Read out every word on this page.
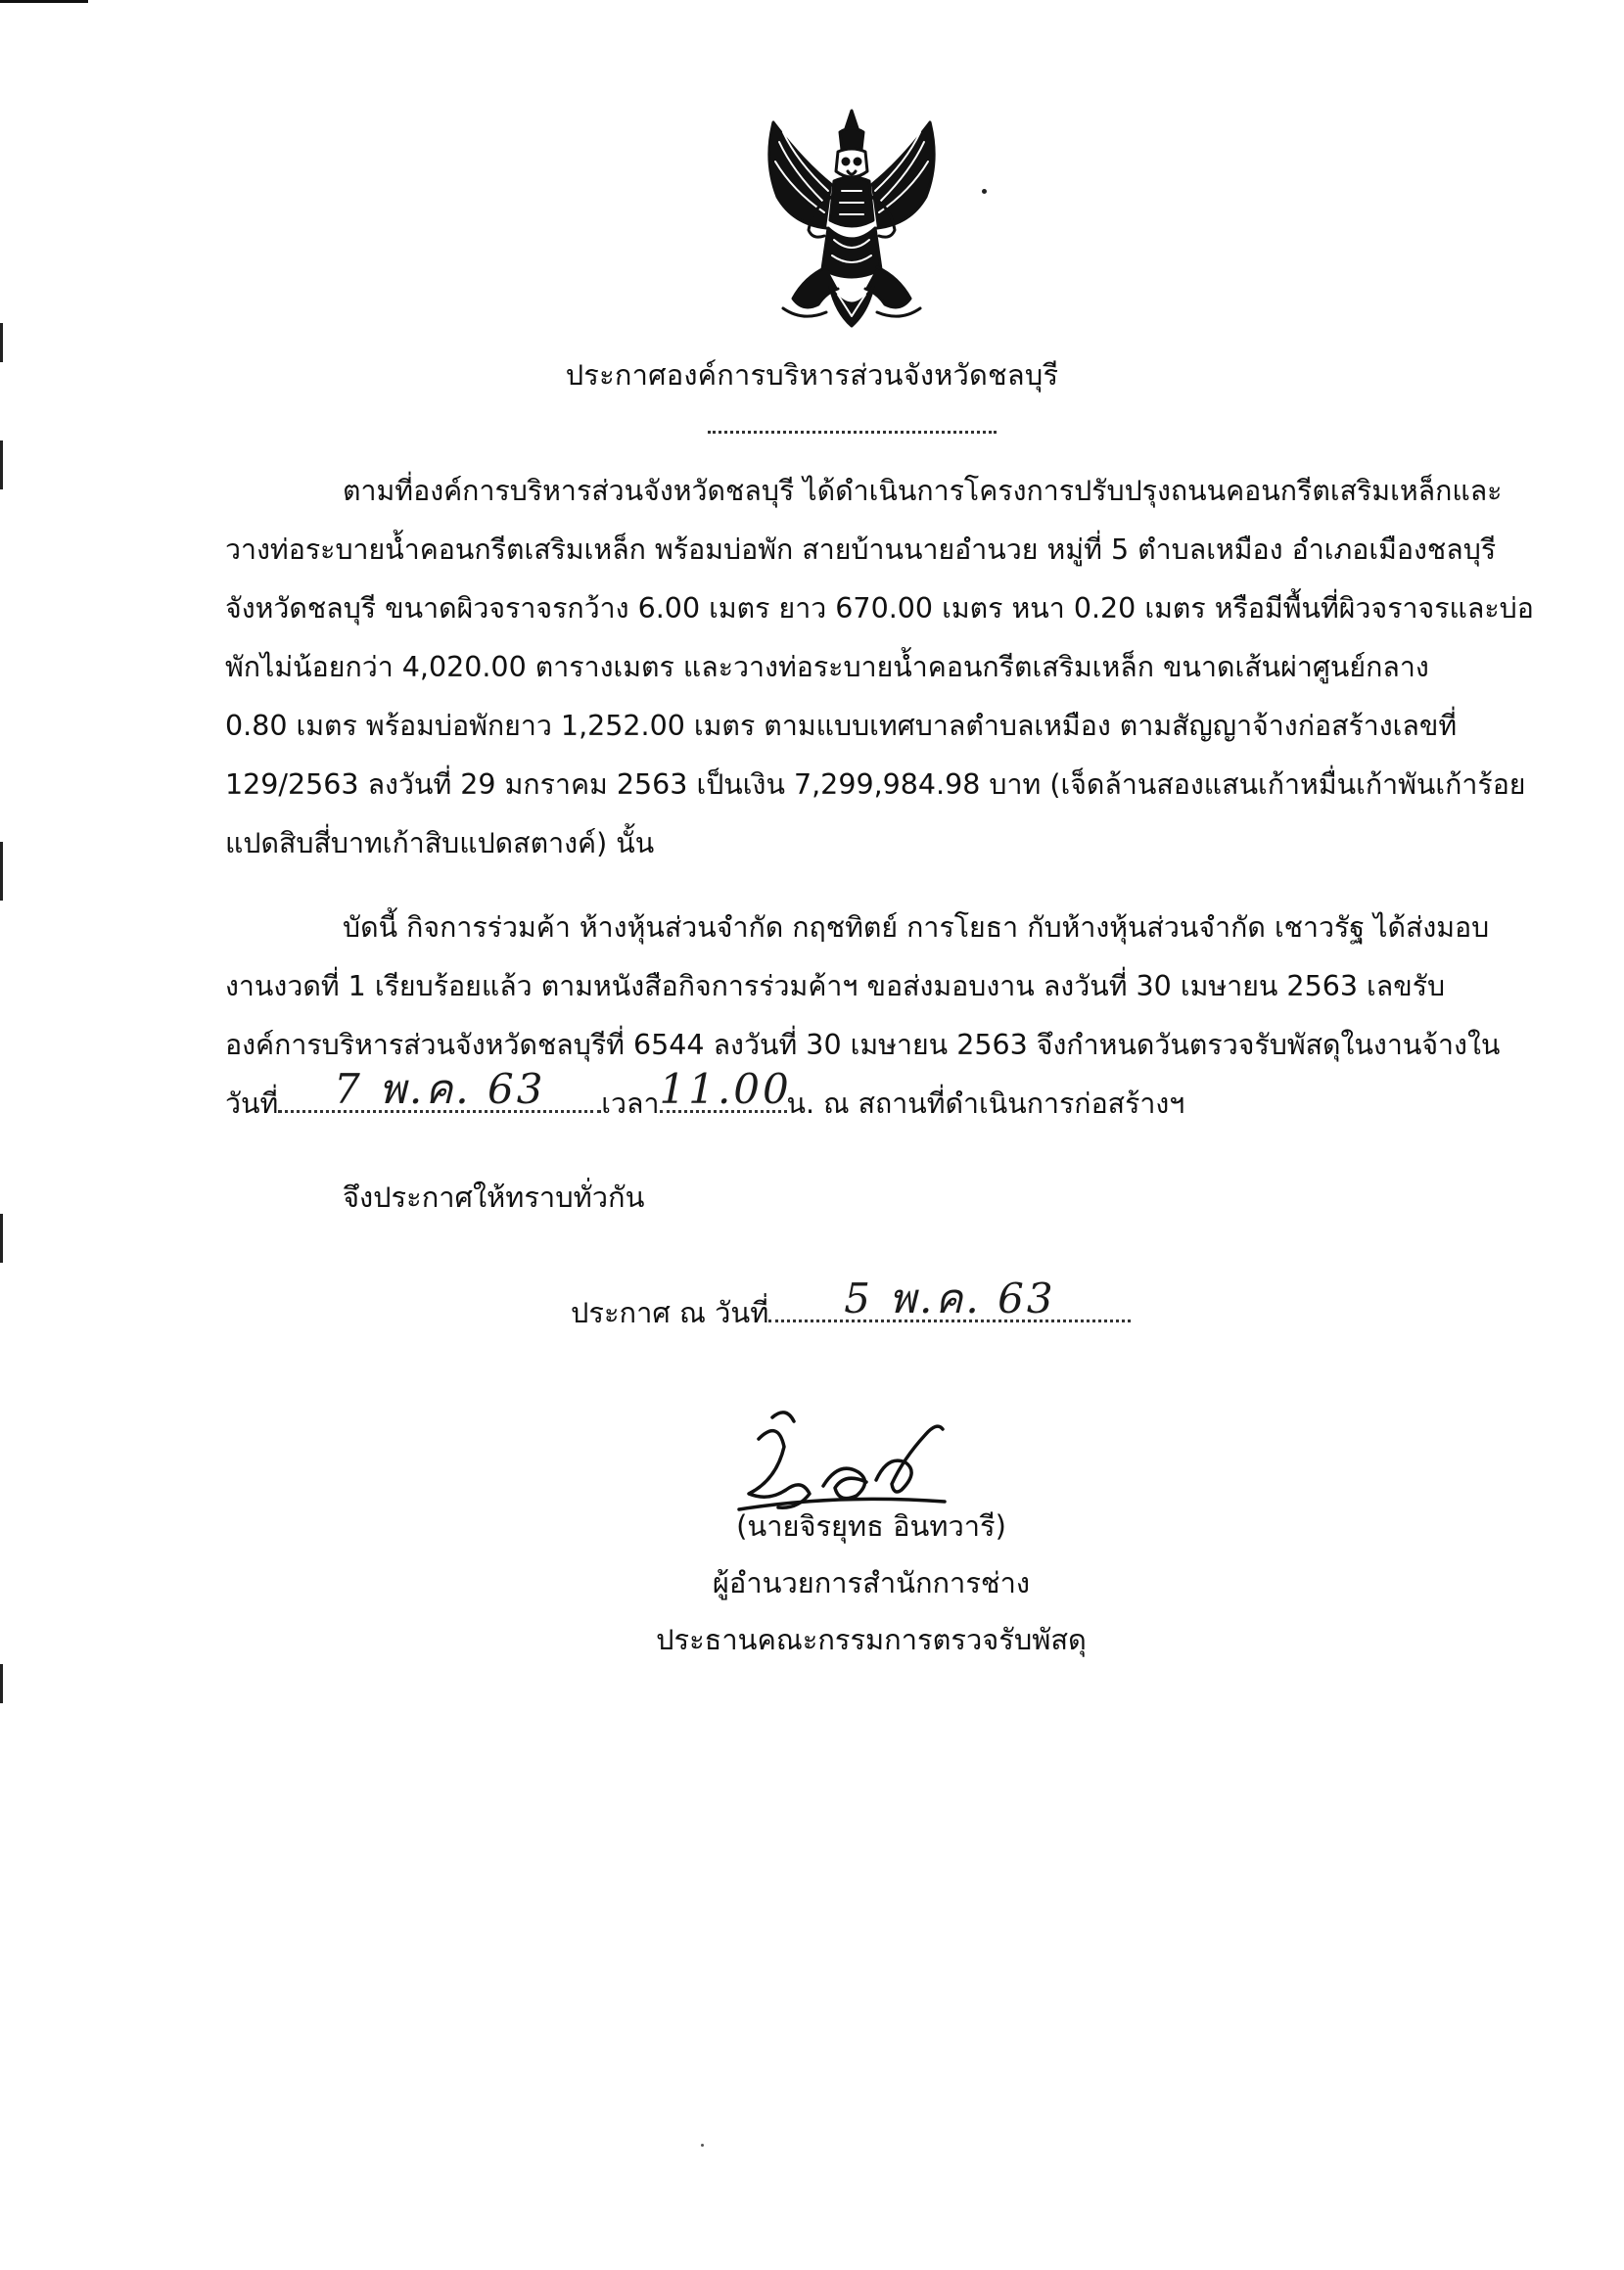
ประกาศองค์การบริหารส่วนจังหวัดชลบุรี
ตามที่องค์การบริหารส่วนจังหวัดชลบุรี ได้ดำเนินการโครงการปรับปรุงถนนคอนกรีตเสริมเหล็กและ
วางท่อระบายน้ำคอนกรีตเสริมเหล็ก พร้อมบ่อพัก สายบ้านนายอำนวย หมู่ที่ 5 ตำบลเหมือง อำเภอเมืองชลบุรี
จังหวัดชลบุรี ขนาดผิวจราจรกว้าง 6.00 เมตร ยาว 670.00 เมตร หนา 0.20 เมตร หรือมีพื้นที่ผิวจราจรและบ่อ
พักไม่น้อยกว่า 4,020.00 ตารางเมตร และวางท่อระบายน้ำคอนกรีตเสริมเหล็ก ขนาดเส้นผ่าศูนย์กลาง
0.80 เมตร พร้อมบ่อพักยาว 1,252.00 เมตร ตามแบบเทศบาลตำบลเหมือง ตามสัญญาจ้างก่อสร้างเลขที่
129/2563 ลงวันที่ 29 มกราคม 2563 เป็นเงิน 7,299,984.98 บาท (เจ็ดล้านสองแสนเก้าหมื่นเก้าพันเก้าร้อย
แปดสิบสี่บาทเก้าสิบแปดสตางค์) นั้น
บัดนี้ กิจการร่วมค้า ห้างหุ้นส่วนจำกัด กฤชทิตย์ การโยธา กับห้างหุ้นส่วนจำกัด เชาวรัฐ ได้ส่งมอบ
งานงวดที่ 1 เรียบร้อยแล้ว ตามหนังสือกิจการร่วมค้าฯ ขอส่งมอบงาน ลงวันที่ 30 เมษายน 2563 เลขรับ
องค์การบริหารส่วนจังหวัดชลบุรีที่ 6544 ลงวันที่ 30 เมษายน 2563 จึงกำหนดวันตรวจรับพัสดุในงานจ้างใน
วันที่	7 พ.ค. 63	เวลา 11.00
น. ณ สถานที่ดำเนินการก่อสร้างฯ
จึงประกาศให้ทราบทั่วกัน
ประกาศ ณ วันที่	5 พ.ค. 63
(นายจิรยุทธ อินทวารี)
ผู้อำนวยการสำนักการช่าง
ประธานคณะกรรมการตรวจรับพัสดุ
